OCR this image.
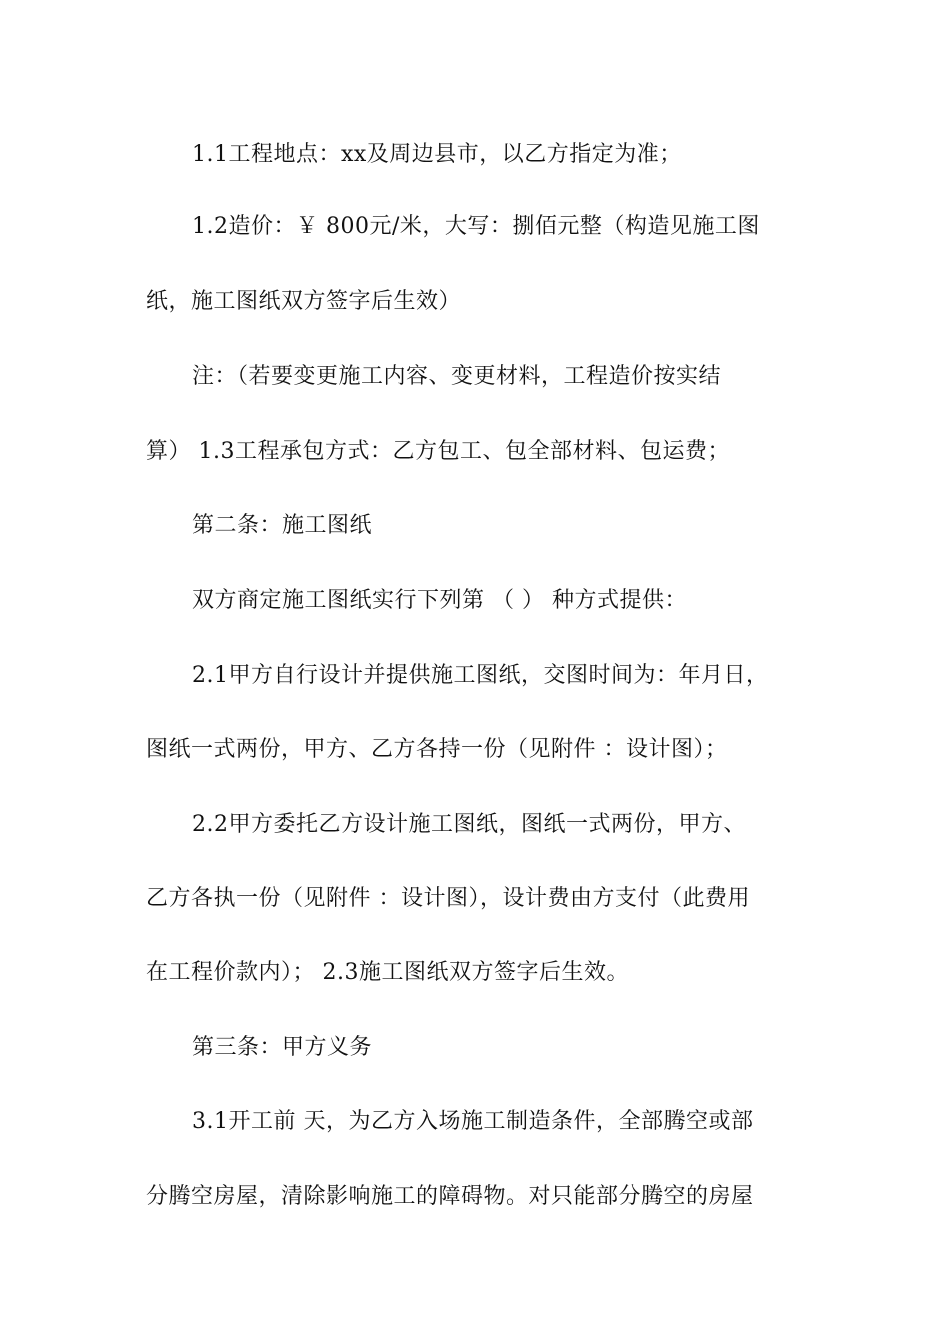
1.1工程地点：xx及周边县市，以乙方指定为准；
1.2造价：￥ 800元/米，大写：捌佰元整（构造见施工图
纸，施工图纸双方签字后生效）
注：（若要变更施工内容、变更材料，工程造价按实结
算） 1.3工程承包方式：乙方包工、包全部材料、包运费；
第二条：施工图纸
双方商定施工图纸实行下列第 （ ） 种方式提供：
2.1甲方自行设计并提供施工图纸，交图时间为：年月日，
图纸一式两份，甲方、乙方各持一份（见附件 ：设计图）；
2.2甲方委托乙方设计施工图纸，图纸一式两份，甲方、
乙方各执一份（见附件 ：设计图），设计费由方支付（此费用
在工程价款内）； 2.3施工图纸双方签字后生效。
第三条：甲方义务
3.1开工前 天，为乙方入场施工制造条件，全部腾空或部
分腾空房屋，清除影响施工的障碍物。对只能部分腾空的房屋
